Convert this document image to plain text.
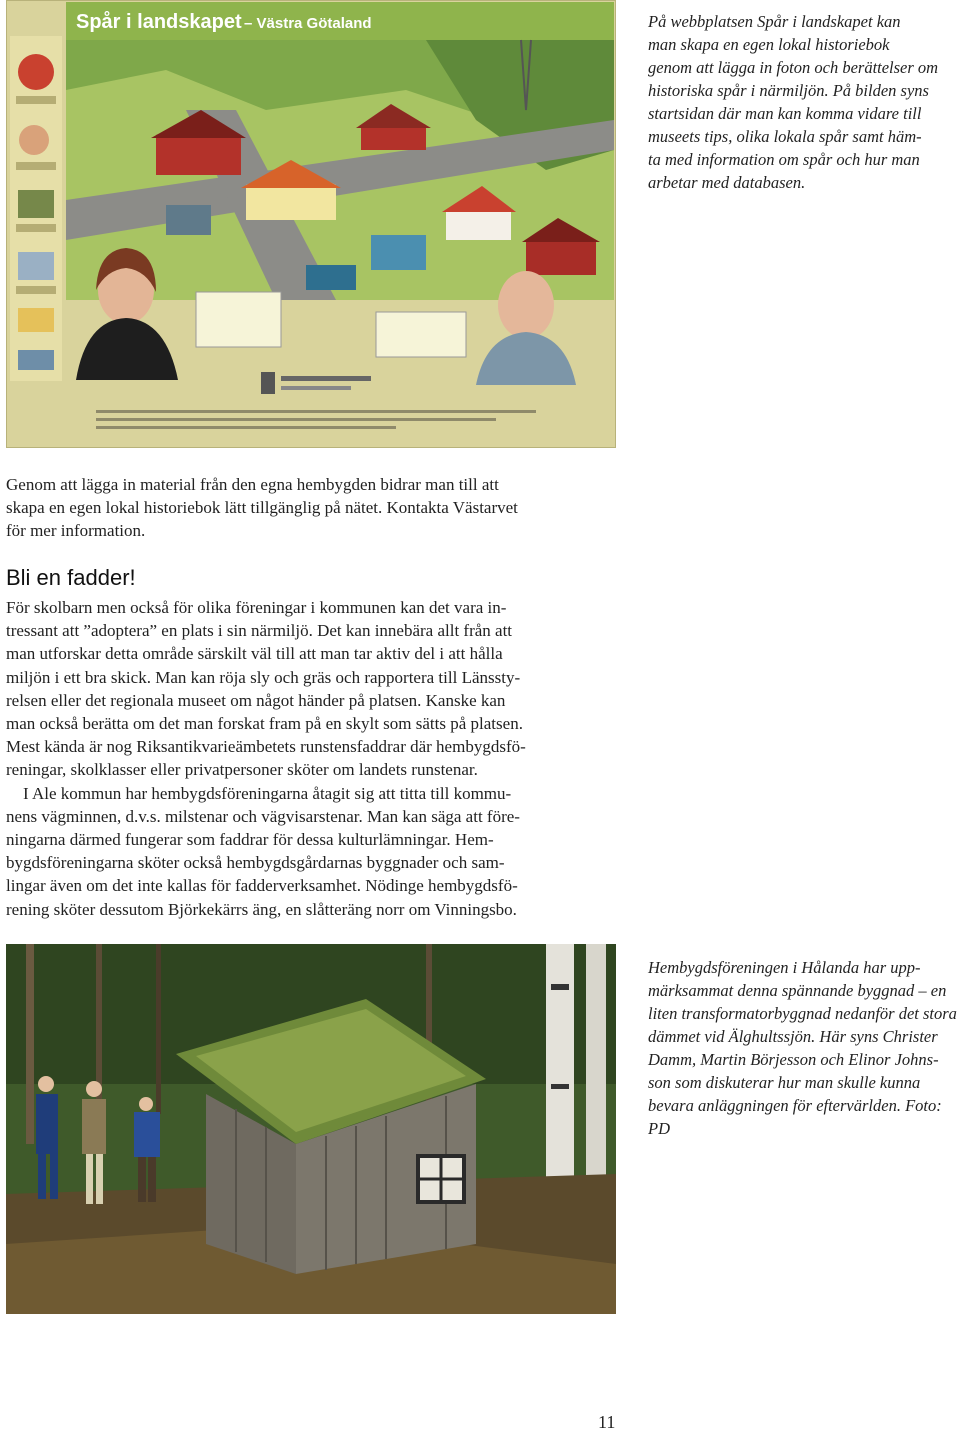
Spår i landskapet – Västra Götaland	På webbplatsen Spår i landskapet kan

man skapa en egen lokal historiebok

genom att lägga in foton och berättelser om

historiska spår i närmiljön. På bilden syns

startsidan där man kan komma vidare till

museets tips, olika lokala spår samt häm-

ta med information om spår och hur man

arbetar med databasen.

Genom att lägga in material från den egna hembygden bidrar man till att

skapa en egen lokal historiebok lätt tillgänglig på nätet. Kontakta Västarvet

för mer information.

Bli en fadder!

För skolbarn men också för olika föreningar i kommunen kan det vara in-

tressant att ”adoptera” en plats i sin närmiljö. Det kan innebära allt från att

man utforskar detta område särskilt väl till att man tar aktiv del i att hålla

miljön i ett bra skick. Man kan röja sly och gräs och rapportera till Länssty-

relsen eller det regionala museet om något händer på platsen. Kanske kan

man också berätta om det man forskat fram på en skylt som sätts på platsen.

Mest kända är nog Riksantikvarieämbetets runstensfaddrar där hembygdsfö-

reningar, skolklasser eller privatpersoner sköter om landets runstenar.

I Ale kommun har hembygdsföreningarna åtagit sig att titta till kommu-

nens vägminnen, d.v.s. milstenar och vägvisarstenar. Man kan säga att före-

ningarna därmed fungerar som faddrar för dessa kulturlämningar. Hem-

bygdsföreningarna sköter också hembygdsgårdarnas byggnader och sam-

lingar även om det inte kallas för fadderverksamhet. Nödinge hembygdsfö-

rening sköter dessutom Björkekärrs äng, en slåtteräng norr om Vinningsbo.

Hembygdsföreningen i Hålanda har upp-

märksammat denna spännande byggnad – en

liten transformatorbyggnad nedanför det stora

dämmet vid Älghultssjön. Här syns Christer

Damm, Martin Börjesson och Elinor Johns-

son som diskuterar hur man skulle kunna

bevara anläggningen för eftervärlden. Foto:

PD

11
